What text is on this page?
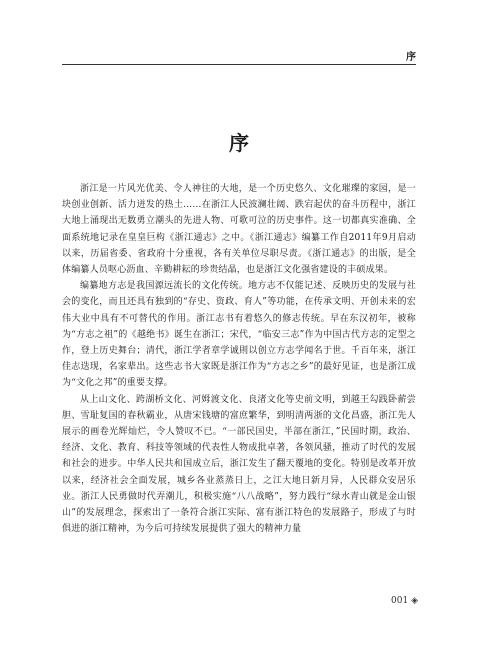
序
序

浙江是一片风光优美、令人神往的大地，是一个历史悠久、文化璀璨的家园，是一块创业创新、活力迸发的热土……在浙江人民波澜壮阔、跌宕起伏的奋斗历程中，浙江大地上涌现出无数勇立潮头的先进人物、可歌可泣的历史事件。这一切都真实准确、全面系统地记录在皇皇巨构《浙江通志》之中。《浙江通志》编纂工作自2011年9月启动以来，历届省委、省政府十分重视，各有关单位尽职尽责。《浙江通志》的出版，是全体编纂人员呕心沥血、辛勤耕耘的珍贵结晶，也是浙江文化强省建设的丰硕成果。

编纂地方志是我国源远流长的文化传统。地方志不仅能记述、反映历史的发展与社会的变化，而且还具有独到的“存史、资政、育人”等功能，在传承文明、开创未来的宏伟大业中具有不可替代的作用。浙江志书有着悠久的修志传统。早在东汉初年，被称为“方志之祖”的《越绝书》诞生在浙江；宋代，“临安三志”作为中国古代方志的定型之作，登上历史舞台；清代，浙江学者章学诚則以创立方志学闻名于世。千百年来，浙江佳志迭现，名家辈出。这些志书大家既是浙江作为“方志之乡”的最好见证，也是浙江成为“文化之邦”的重要支撑。

从上山文化、跨湖桥文化、河姆渡文化、良渚文化等史前文明，到越王勾践卧薪尝胆、雪耻复国的春秋霸业，从唐宋钱塘的富庶繁华，到明清两浙的文化昌盛，浙江先人展示的画卷光辉灿烂，令人赞叹不已。“一部民国史，半部在浙江，”民国时期，政治、经济、文化、教育、科技等领域的代表性人物成批卓著，各领风骚，推动了时代的发展和社会的进步。中华人民共和国成立后，浙江发生了翻天覆地的变化。特别是改革开放以来，经济社会全面发展，城乡各业蒸蒸日上，之江大地日新月异，人民群众安居乐业。浙江人民勇做时代弄潮儿，积极实施“八八战略”，努力践行“绿水青山就是金山银山”的发展理念，探索出了一条符合浙江实际、富有浙江特色的发展路子，形成了与时俱进的浙江精神，为今后可持续发展提供了强大的精神力量

001 ◈
